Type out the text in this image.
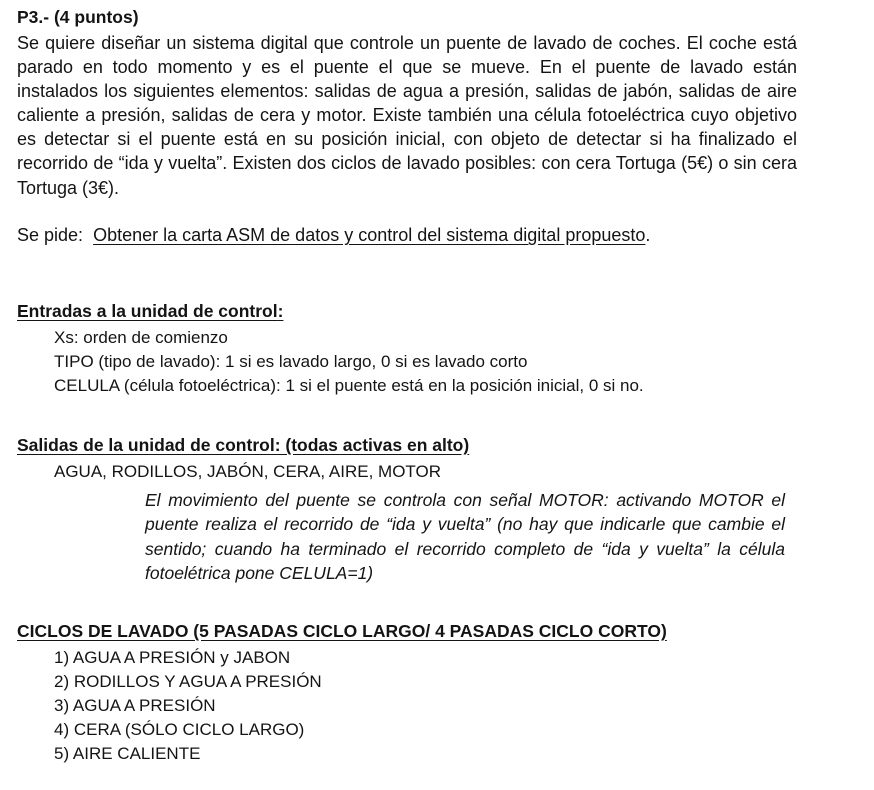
P3.- (4 puntos)

Se quiere diseñar un sistema digital que controle un puente de lavado de coches. El coche está parado en todo momento y es el puente el que se mueve. En el puente de lavado están instalados los siguientes elementos: salidas de agua a presión, salidas de jabón, salidas de aire caliente a presión, salidas de cera y motor. Existe también una célula fotoeléctrica cuyo objetivo es detectar si el puente está en su posición inicial, con objeto de detectar si ha finalizado el recorrido de “ida y vuelta”. Existen dos ciclos de lavado posibles: con cera Tortuga (5€) o sin cera Tortuga (3€).

Se pide: Obtener la carta ASM de datos y control del sistema digital propuesto.
Entradas a la unidad de control:
Xs: orden de comienzo
TIPO (tipo de lavado): 1 si es lavado largo, 0 si es lavado corto
CELULA (célula fotoeléctrica): 1 si el puente está en la posición inicial, 0 si no.
Salidas de la unidad de control: (todas activas en alto)
AGUA, RODILLOS, JABÓN, CERA, AIRE, MOTOR

El movimiento del puente se controla con señal MOTOR: activando MOTOR el puente realiza el recorrido de “ida y vuelta” (no hay que indicarle que cambie el sentido; cuando ha terminado el recorrido completo de “ida y vuelta” la célula fotoelétrica pone CELULA=1)

CICLOS DE LAVADO (5 PASADAS CICLO LARGO/ 4 PASADAS CICLO CORTO)
1) AGUA A PRESIÓN y JABON
2) RODILLOS Y AGUA A PRESIÓN
3) AGUA A PRESIÓN
4) CERA (SÓLO CICLO LARGO)
5) AIRE CALIENTE
